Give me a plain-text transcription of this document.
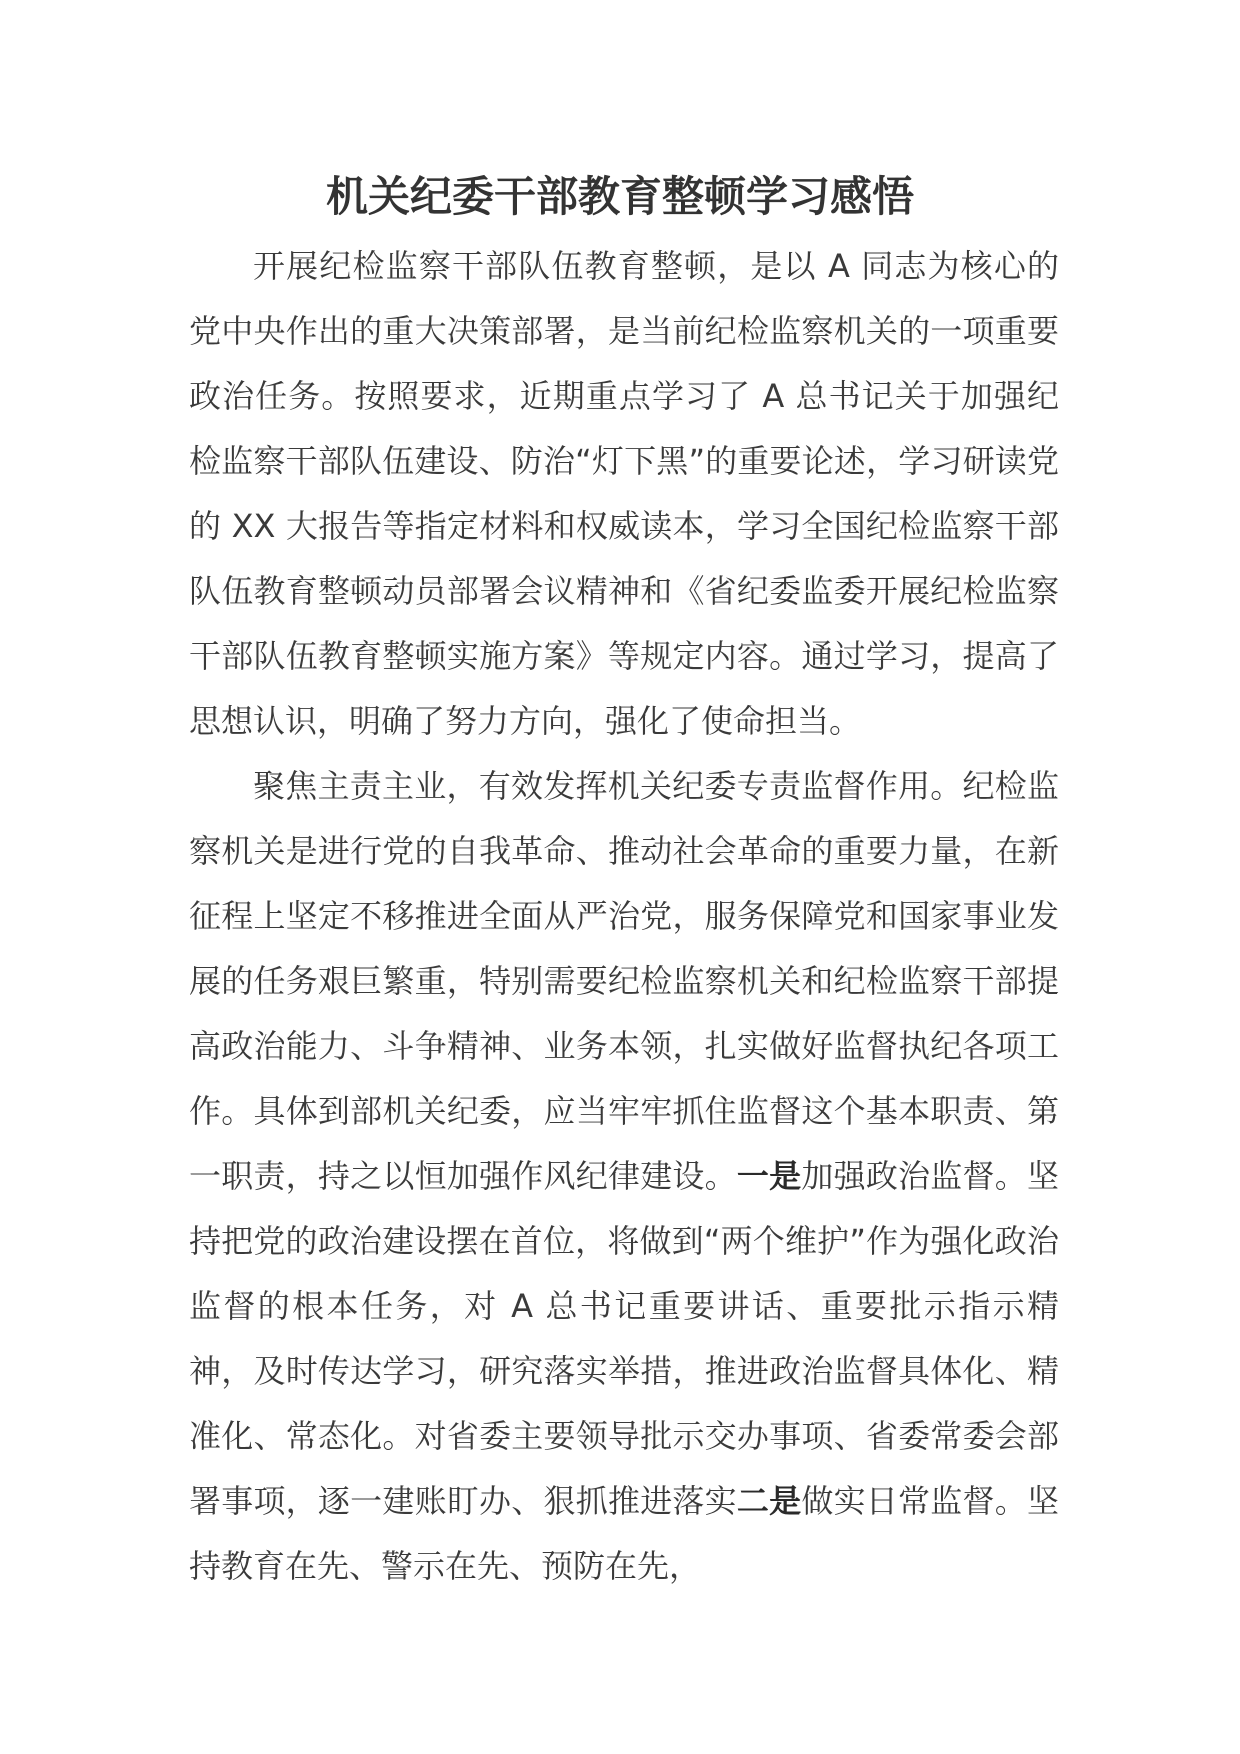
机关纪委干部教育整顿学习感悟

开展纪检监察干部队伍教育整顿，是以 A 同志为核心的党中央作出的重大决策部署，是当前纪检监察机关的一项重要政治任务。按照要求，近期重点学习了 A 总书记关于加强纪检监察干部队伍建设、防治“灯下黑”的重要论述，学习研读党的 XX 大报告等指定材料和权威读本，学习全国纪检监察干部队伍教育整顿动员部署会议精神和《省纪委监委开展纪检监察干部队伍教育整顿实施方案》等规定内容。通过学习，提高了思想认识，明确了努力方向，强化了使命担当。

聚焦主责主业，有效发挥机关纪委专责监督作用。纪检监察机关是进行党的自我革命、推动社会革命的重要力量，在新征程上坚定不移推进全面从严治党，服务保障党和国家事业发展的任务艰巨繁重，特别需要纪检监察机关和纪检监察干部提高政治能力、斗争精神、业务本领，扎实做好监督执纪各项工作。具体到部机关纪委，应当牢牢抓住监督这个基本职责、第一职责，持之以恒加强作风纪律建设。一是加强政治监督。坚持把党的政治建设摆在首位，将做到“两个维护”作为强化政治监督的根本任务，对 A 总书记重要讲话、重要批示指示精神，及时传达学习，研究落实举措，推进政治监督具体化、精准化、常态化。对省委主要领导批示交办事项、省委常委会部署事项，逐一建账盯办、狠抓推进落实二是做实日常监督。坚持教育在先、警示在先、预防在先，
